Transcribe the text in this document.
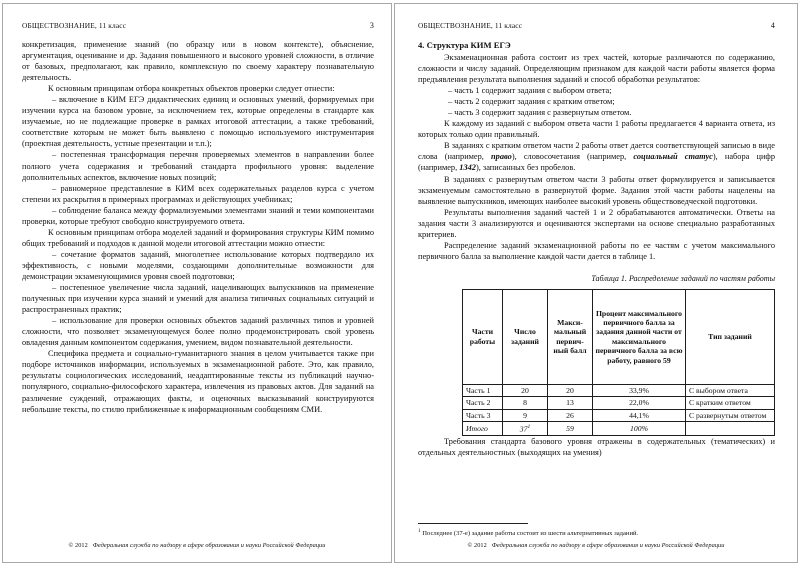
ОБЩЕСТВОЗНАНИЕ, 11 класс	3

конкретизация, применение знаний (по образцу или в новом контексте), объяснение, аргументация, оценивание и др. Задания повышенного и высокого уровней сложности, в отличие от базовых, предполагают, как правило, комплексную по своему характеру познавательную деятельность.

К основным принципам отбора конкретных объектов проверки следует отнести:

– включение в КИМ ЕГЭ дидактических единиц и основных умений, формируемых при изучении курса на базовом уровне, за исключением тех, которые определены в стандарте как изучаемые, но не подлежащие проверке в рамках итоговой аттестации, а также требований, соответствие которым не может быть выявлено с помощью используемого инструментария (проектная деятельность, устные презентации и т.п.);

– постепенная трансформация перечня проверяемых элементов в направлении более полного учета содержания и требований стандарта профильного уровня: выделение дополнительных аспектов, включение новых позиций;

– равномерное представление в КИМ всех содержательных разделов курса с учетом степени их раскрытия в примерных программах и действующих учебниках;

– соблюдение баланса между формализуемыми элементами знаний и теми компонентами проверки, которые требуют свободно конструируемого ответа.

К основным принципам отбора моделей заданий и формирования структуры КИМ помимо общих требований и подходов к данной модели итоговой аттестации можно отнести:

– сочетание форматов заданий, многолетнее использование которых подтвердило их эффективность, с новыми моделями, создающими дополнительные возможности для демонстрации экзаменующимися уровня своей подготовки;

– постепенное увеличение числа заданий, нацеливающих выпускников на применение полученных при изучении курса знаний и умений для анализа типичных социальных ситуаций и распространенных практик;

– использование для проверки основных объектов заданий различных типов и уровней сложности, что позволяет экзаменующемуся более полно продемонстрировать свой уровень овладения данным компонентом содержания, умением, видом познавательной деятельности.

Специфика предмета и социально-гуманитарного знания в целом учитывается также при подборе источников информации, используемых в экзаменационной работе. Это, как правило, результаты социологических исследований, неадаптированные тексты из публикаций научно-популярного, социально-философского характера, извлечения из правовых актов. Для заданий на различение суждений, отражающих факты, и оценочных высказываний конструируются небольшие тексты, по стилю приближенные к информационным сообщениям СМИ.

© 2012 Федеральная служба по надзору в сфере образования и науки Российской Федерации
ОБЩЕСТВОЗНАНИЕ, 11 класс	4
4. Структура КИМ ЕГЭ

Экзаменационная работа состоит из трех частей, которые различаются по содержанию, сложности и числу заданий. Определяющим признаком для каждой части работы является форма предъявления результата выполнения заданий и способ обработки результатов:

– часть 1 содержит задания с выбором ответа;

– часть 2 содержит задания с кратким ответом;

– часть 3 содержит задания с развернутым ответом.

К каждому из заданий с выбором ответа части 1 работы предлагается 4 варианта ответа, из которых только один правильный.

В заданиях с кратким ответом части 2 работы ответ дается соответствующей записью в виде слова (например, право), словосочетания (например, социальный статус), набора цифр (например, 1342), записанных без пробелов.

В заданиях с развернутым ответом части 3 работы ответ формулируется и записывается экзаменуемым самостоятельно в развернутой форме. Задания этой части работы нацелены на выявление выпускников, имеющих наиболее высокий уровень обществоведческой подготовки.

Результаты выполнения заданий частей 1 и 2 обрабатываются автоматически. Ответы на задания части 3 анализируются и оцениваются экспертами на основе специально разработанных критериев.

Распределение заданий экзаменационной работы по ее частям с учетом максимального первичного балла за выполнение каждой части дается в таблице 1.

Таблица 1. Распределение заданий по частям работы
Части работы	Число заданий	Макси-мальный первич-ный балл	Процент максимального первичного балла за задания данной части от максимального первичного балла за всю работу, равного 59	Тип заданий
Часть 1	20	20	33,9%	С выбором ответа
Часть 2	8	13	22,0%	С кратким ответом
Часть 3	9	26	44,1%	С развернутым ответом
Итого	37$^1$	59	100%	

Требования стандарта базового уровня отражены в содержательных (тематических) и отдельных деятельностных (выходящих на умения)

$^1$ Последнее (37-е) задание работы состоит из шести альтернативных заданий.

© 2012 Федеральная служба по надзору в сфере образования и науки Российской Федерации
